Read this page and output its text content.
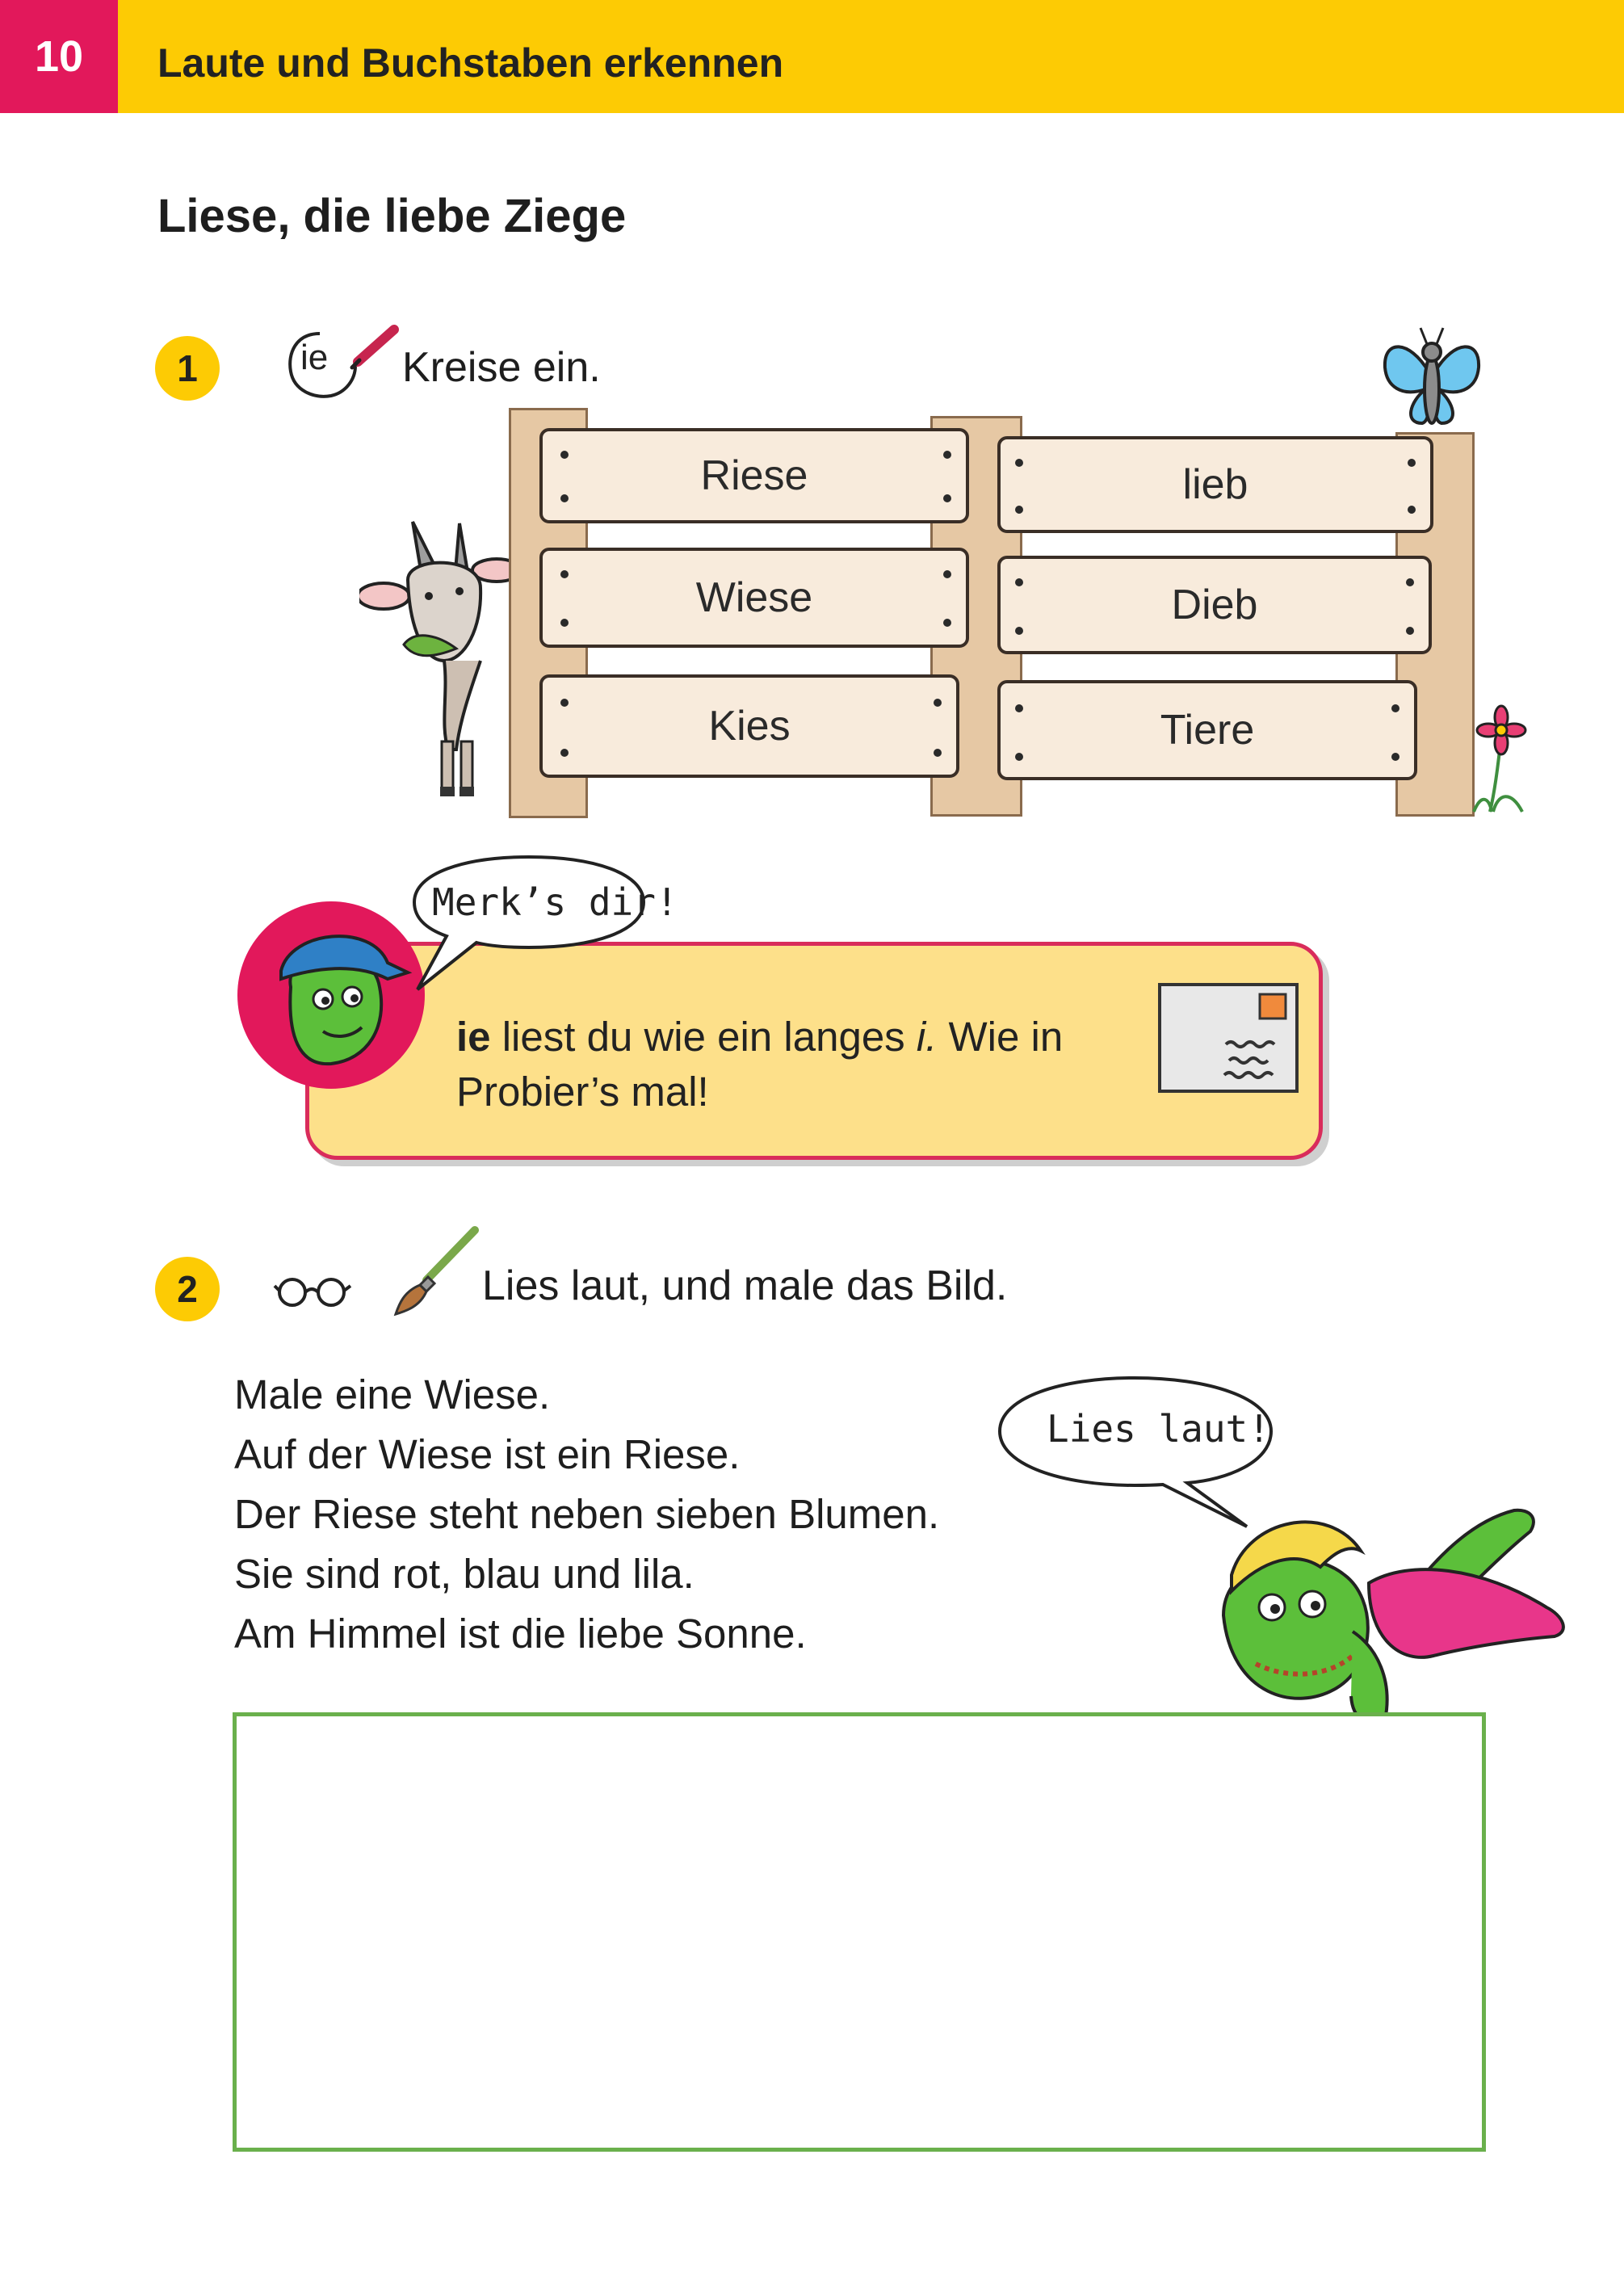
10	Laute und Buchstaben erkennen
Liese, die liebe Ziege
1	ie Kreise ein.
Riese
Wiese
Kies
lieb
Dieb
Tiere
Merk’s dir!
ie liest du wie ein langes i. Wie in
Probier’s mal!
2	Lies laut, und male das Bild.
Male eine Wiese.
Auf der Wiese ist ein Riese.
Der Riese steht neben sieben Blumen.
Sie sind rot, blau und lila.
Am Himmel ist die liebe Sonne.
Lies laut!
